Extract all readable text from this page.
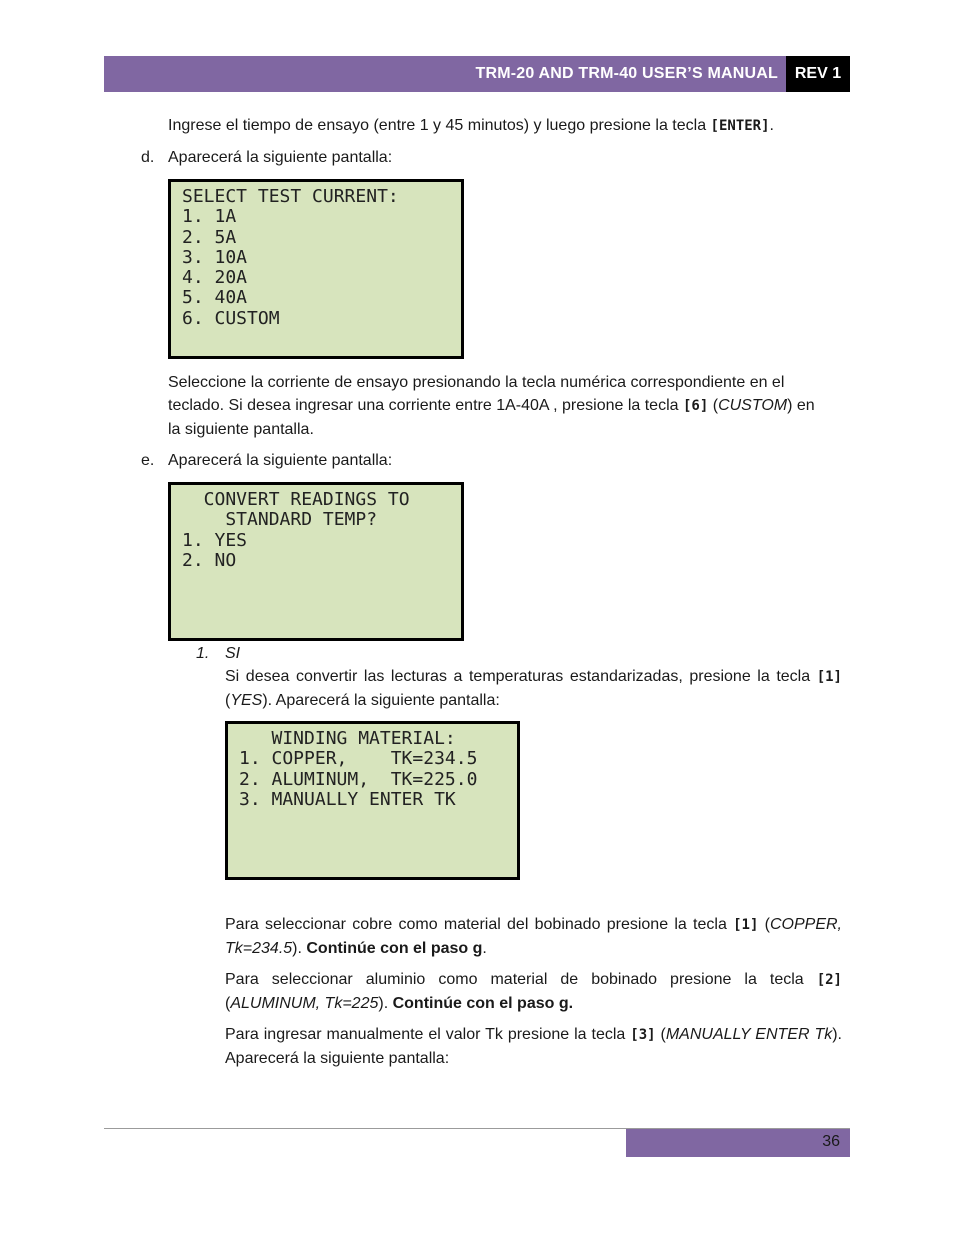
TRM-20 AND TRM-40 USER’S MANUAL	REV 1
Ingrese el tiempo de ensayo (entre 1 y 45 minutos) y luego presione la tecla [ENTER].
d. Aparecerá la siguiente pantalla:
SELECT TEST CURRENT:
1. 1A
2. 5A
3. 10A
4. 20A
5. 40A
6. CUSTOM
Seleccione la corriente de ensayo presionando la tecla numérica correspondiente en el teclado. Si desea ingresar una corriente entre 1A-40A , presione la tecla [6] (CUSTOM) en la siguiente pantalla.
e. Aparecerá la siguiente pantalla:
CONVERT READINGS TO
STANDARD TEMP?
1. YES
2. NO
1. SI
Si desea convertir las lecturas a temperaturas estandarizadas, presione la tecla [1] (YES). Aparecerá la siguiente pantalla:
WINDING MATERIAL:
1. COPPER,    TK=234.5
2. ALUMINUM,  TK=225.0
3. MANUALLY ENTER TK
Para seleccionar cobre como material del bobinado presione la tecla [1] (COPPER, Tk=234.5). Continúe con el paso g.
Para seleccionar aluminio como material de bobinado presione la tecla [2] (ALUMINUM, Tk=225). Continúe con el paso g.
Para ingresar manualmente el valor Tk presione la tecla [3] (MANUALLY ENTER Tk). Aparecerá la siguiente pantalla:
36
